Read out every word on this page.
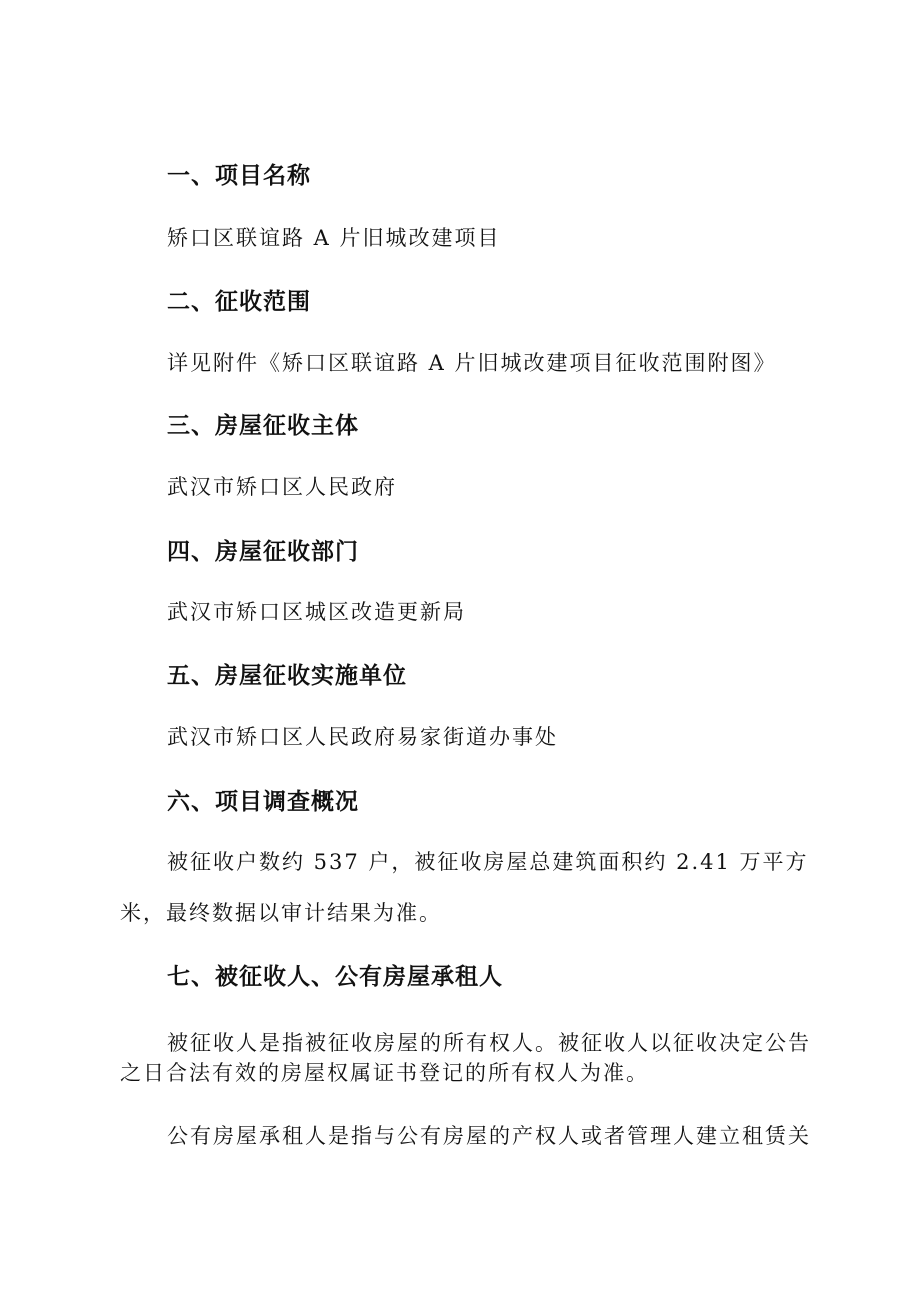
一、项目名称
矫口区联谊路 A 片旧城改建项目
二、征收范围
详见附件《矫口区联谊路 A 片旧城改建项目征收范围附图》
三、房屋征收主体
武汉市矫口区人民政府
四、房屋征收部门
武汉市矫口区城区改造更新局
五、房屋征收实施单位
武汉市矫口区人民政府易家街道办事处
六、项目调查概况
被征收户数约 537 户，被征收房屋总建筑面积约 2.41 万平方
米，最终数据以审计结果为准。
七、被征收人、公有房屋承租人
被征收人是指被征收房屋的所有权人。被征收人以征收决定公告
之日合法有效的房屋权属证书登记的所有权人为准。
公有房屋承租人是指与公有房屋的产权人或者管理人建立租赁关
